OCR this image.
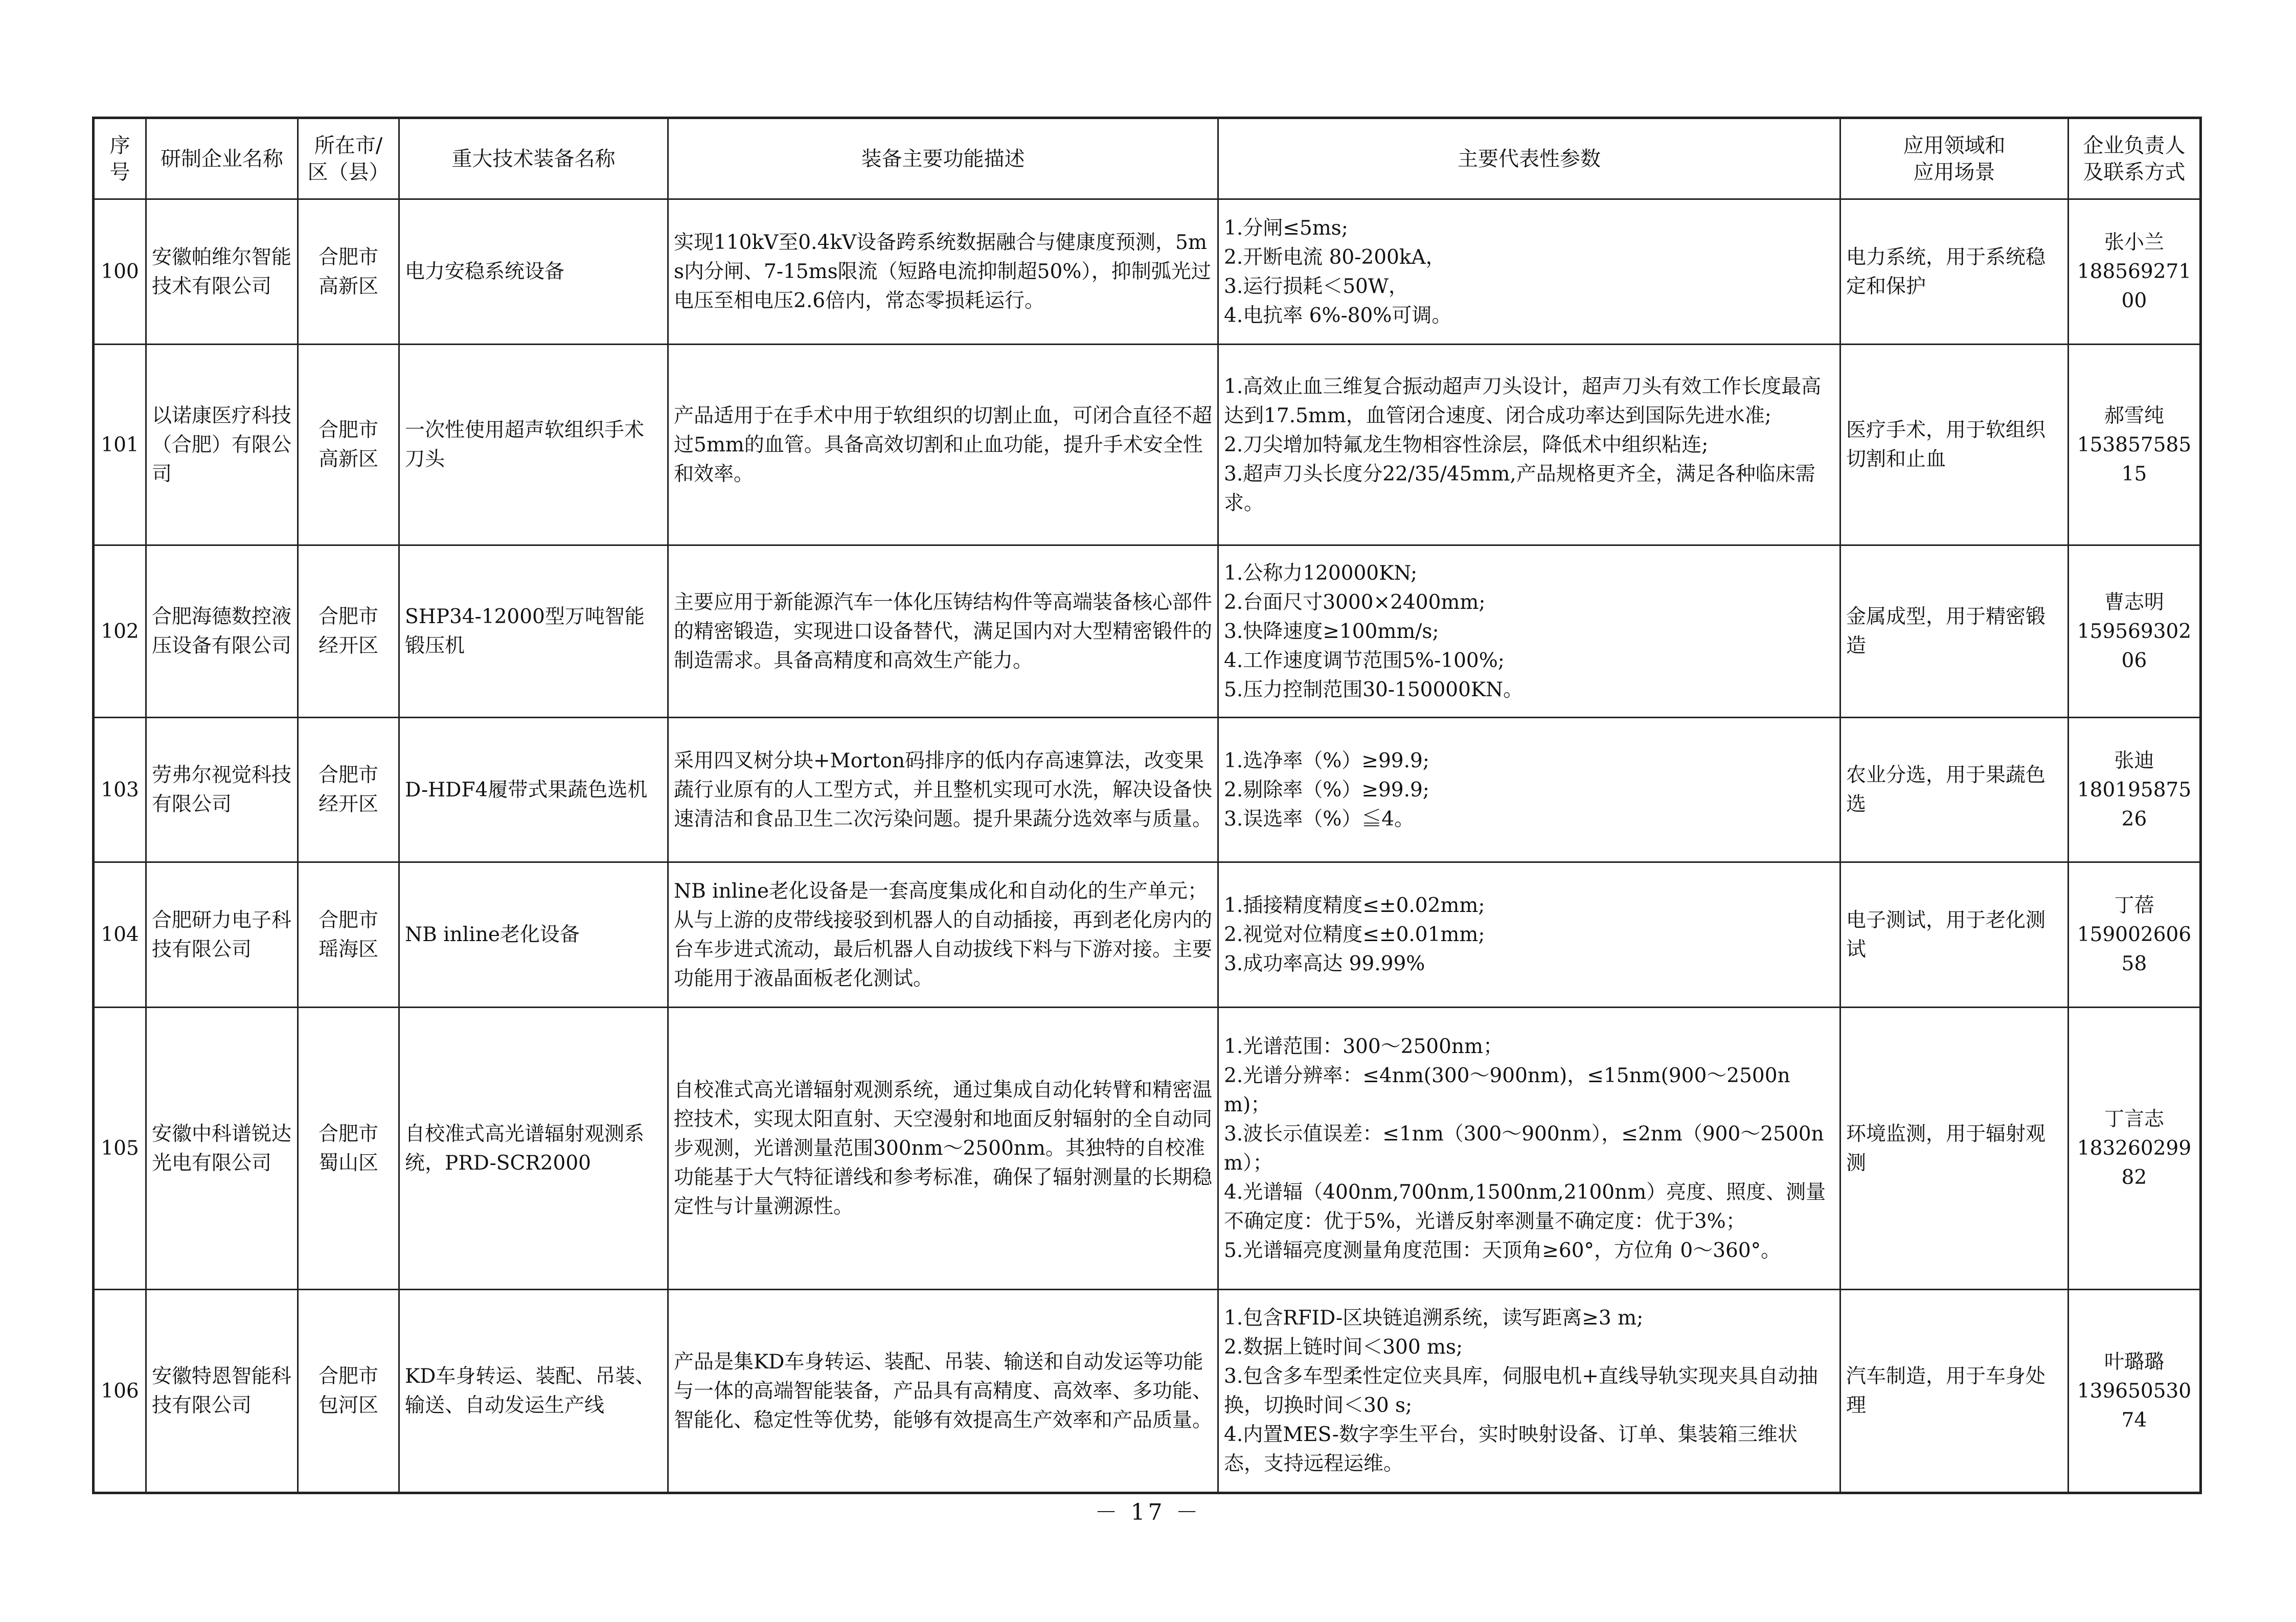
序
号	研制企业名称	所在市/
区（县）	重大技术装备名称	装备主要功能描述	主要代表性参数	应用领域和
应用场景	企业负责人
及联系方式

100	安徽帕维尔智能技术有限公司	合肥市
高新区	电力安稳系统设备	实现110kV至0.4kV设备跨系统数据融合与健康度预测，5ms内分闸、7-15ms限流（短路电流抑制超50%），抑制弧光过电压至相电压2.6倍内，常态零损耗运行。	1.分闸≤5ms;
2.开断电流 80-200kA，
3.运行损耗＜50W，
4.电抗率 6%-80%可调。	电力系统，用于系统稳定和保护	张小兰
18856927100

101	以诺康医疗科技（合肥）有限公司	合肥市
高新区	一次性使用超声软组织手术刀头	产品适用于在手术中用于软组织的切割止血，可闭合直径不超过5mm的血管。具备高效切割和止血功能，提升手术安全性和效率。	1.高效止血三维复合振动超声刀头设计，超声刀头有效工作长度最高达到17.5mm，血管闭合速度、闭合成功率达到国际先进水准;
2.刀尖增加特氟龙生物相容性涂层，降低术中组织粘连;
3.超声刀头长度分22/35/45mm,产品规格更齐全，满足各种临床需求。	医疗手术，用于软组织切割和止血	郝雪纯
15385758515

102	合肥海德数控液压设备有限公司	合肥市
经开区	SHP34-12000型万吨智能锻压机	主要应用于新能源汽车一体化压铸结构件等高端装备核心部件的精密锻造，实现进口设备替代，满足国内对大型精密锻件的制造需求。具备高精度和高效生产能力。	1.公称力120000KN;
2.台面尺寸3000×2400mm;
3.快降速度≥100mm/s;
4.工作速度调节范围5%-100%;
5.压力控制范围30-150000KN。	金属成型，用于精密锻造	曹志明
15956930206

103	劳弗尔视觉科技有限公司	合肥市
经开区	D-HDF4履带式果蔬色选机	采用四叉树分块+Morton码排序的低内存高速算法，改变果蔬行业原有的人工型方式，并且整机实现可水洗，解决设备快速清洁和食品卫生二次污染问题。提升果蔬分选效率与质量。	1.选净率（%）≥99.9;
2.剔除率（%）≥99.9;
3.误选率（%）≦4。	农业分选，用于果蔬色选	张迪
18019587526

104	合肥研力电子科技有限公司	合肥市
瑶海区	NB inline老化设备	NB inline老化设备是一套高度集成化和自动化的生产单元；从与上游的皮带线接驳到机器人的自动插接，再到老化房内的台车步进式流动，最后机器人自动拔线下料与下游对接。主要功能用于液晶面板老化测试。	1.插接精度精度≤±0.02mm;
2.视觉对位精度≤±0.01mm;
3.成功率高达 99.99%	电子测试，用于老化测试	丁蓓
15900260658

105	安徽中科谱锐达光电有限公司	合肥市
蜀山区	自校准式高光谱辐射观测系统，PRD-SCR2000	自校准式高光谱辐射观测系统，通过集成自动化转臂和精密温控技术，实现太阳直射、天空漫射和地面反射辐射的全自动同步观测，光谱测量范围300nm～2500nm。其独特的自校准功能基于大气特征谱线和参考标准，确保了辐射测量的长期稳定性与计量溯源性。	1.光谱范围：300～2500nm；
2.光谱分辨率：≤4nm(300～900nm)，≤15nm(900～2500nm)；
3.波长示值误差：≤1nm（300～900nm），≤2nm（900～2500nm）；
4.光谱辐（400nm,700nm,1500nm,2100nm）亮度、照度、测量不确定度：优于5%，光谱反射率测量不确定度：优于3%；
5.光谱辐亮度测量角度范围：天顶角≥60°，方位角 0～360°。	环境监测，用于辐射观测	丁言志
18326029982

106	安徽特恩智能科技有限公司	合肥市
包河区	KD车身转运、装配、吊装、输送、自动发运生产线	产品是集KD车身转运、装配、吊装、输送和自动发运等功能与一体的高端智能装备，产品具有高精度、高效率、多功能、智能化、稳定性等优势，能够有效提高生产效率和产品质量。	1.包含RFID-区块链追溯系统，读写距离≥3 m;
2.数据上链时间＜300 ms;
3.包含多车型柔性定位夹具库，伺服电机+直线导轨实现夹具自动抽换，切换时间＜30 s;
4.内置MES-数字孪生平台，实时映射设备、订单、集装箱三维状态，支持远程运维。	汽车制造，用于车身处理	叶璐璐
13965053074
－ 17 －
